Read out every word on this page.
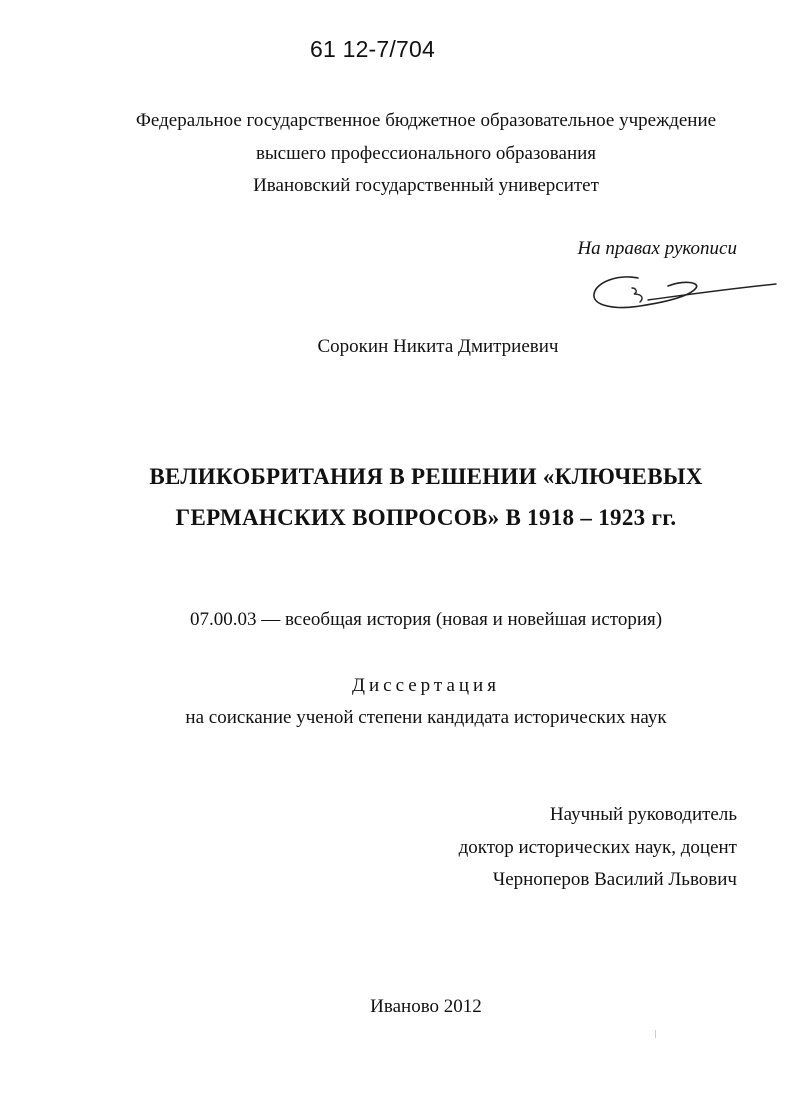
61 12-7/704
Федеральное государственное бюджетное образовательное учреждение
высшего профессионального образования
Ивановский государственный университет
На правах рукописи
Сорокин Никита Дмитриевич
ВЕЛИКОБРИТАНИЯ В РЕШЕНИИ «КЛЮЧЕВЫХ
ГЕРМАНСКИХ ВОПРОСОВ» В 1918 – 1923 гг.
07.00.03 — всеобщая история (новая и новейшая история)
Диссертация
на соискание ученой степени кандидата исторических наук
Научный руководитель
доктор исторических наук, доцент
Черноперов Василий Львович
Иваново 2012
